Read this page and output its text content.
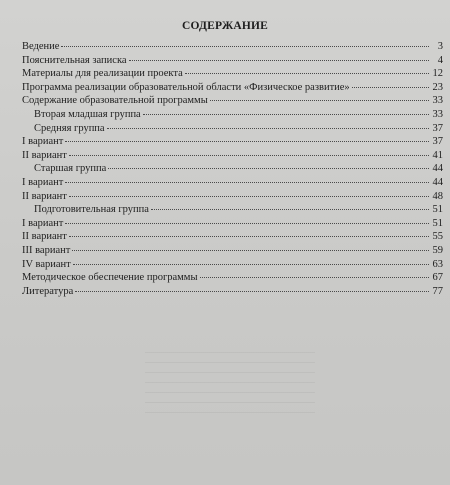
СОДЕРЖАНИЕ
Ведение	3
Пояснительная записка	4
Материалы для реализации проекта	12
Программа реализации образовательной области «Физическое развитие»	23
Содержание образовательной программы	33
Вторая младшая группа	33
Средняя группа	37
I вариант	37
II вариант	41
Старшая группа	44
I вариант	44
II вариант	48
Подготовительная группа	51
I вариант	51
II вариант	55
III вариант	59
IV вариант	63
Методическое обеспечение программы	67
Литература	77
